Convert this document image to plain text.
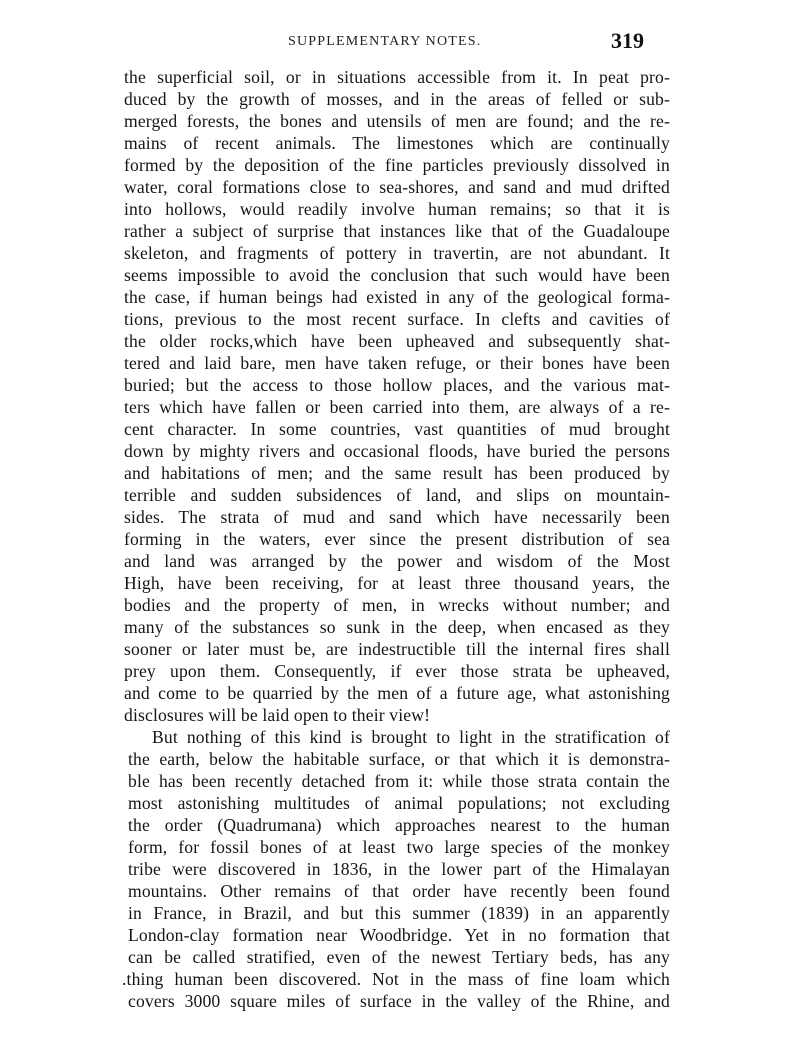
SUPPLEMENTARY NOTES.	319
the superficial soil, or in situations accessible from it. In peat pro-
duced by the growth of mosses, and in the areas of felled or sub-
merged forests, the bones and utensils of men are found; and the re-
mains of recent animals. The limestones which are continually
formed by the deposition of the fine particles previously dissolved in
water, coral formations close to sea-shores, and sand and mud drifted
into hollows, would readily involve human remains; so that it is
rather a subject of surprise that instances like that of the Guadaloupe
skeleton, and fragments of pottery in travertin, are not abundant. It
seems impossible to avoid the conclusion that such would have been
the case, if human beings had existed in any of the geological forma-
tions, previous to the most recent surface. In clefts and cavities of
the older rocks,which have been upheaved and subsequently shat-
tered and laid bare, men have taken refuge, or their bones have been
buried; but the access to those hollow places, and the various mat-
ters which have fallen or been carried into them, are always of a re-
cent character. In some countries, vast quantities of mud brought
down by mighty rivers and occasional floods, have buried the persons
and habitations of men; and the same result has been produced by
terrible and sudden subsidences of land, and slips on mountain-
sides. The strata of mud and sand which have necessarily been
forming in the waters, ever since the present distribution of sea
and land was arranged by the power and wisdom of the Most
High, have been receiving, for at least three thousand years, the
bodies and the property of men, in wrecks without number; and
many of the substances so sunk in the deep, when encased as they
sooner or later must be, are indestructible till the internal fires shall
prey upon them. Consequently, if ever those strata be upheaved,
and come to be quarried by the men of a future age, what astonishing
disclosures will be laid open to their view!
But nothing of this kind is brought to light in the stratification of
the earth, below the habitable surface, or that which it is demonstra-
ble has been recently detached from it: while those strata contain the
most astonishing multitudes of animal populations; not excluding
the order (Quadrumana) which approaches nearest to the human
form, for fossil bones of at least two large species of the monkey
tribe were discovered in 1836, in the lower part of the Himalayan
mountains. Other remains of that order have recently been found
in France, in Brazil, and but this summer (1839) in an apparently
London-clay formation near Woodbridge. Yet in no formation that
can be called stratified, even of the newest Tertiary beds, has any
.thing human been discovered. Not in the mass of fine loam which
covers 3000 square miles of surface in the valley of the Rhine, and
